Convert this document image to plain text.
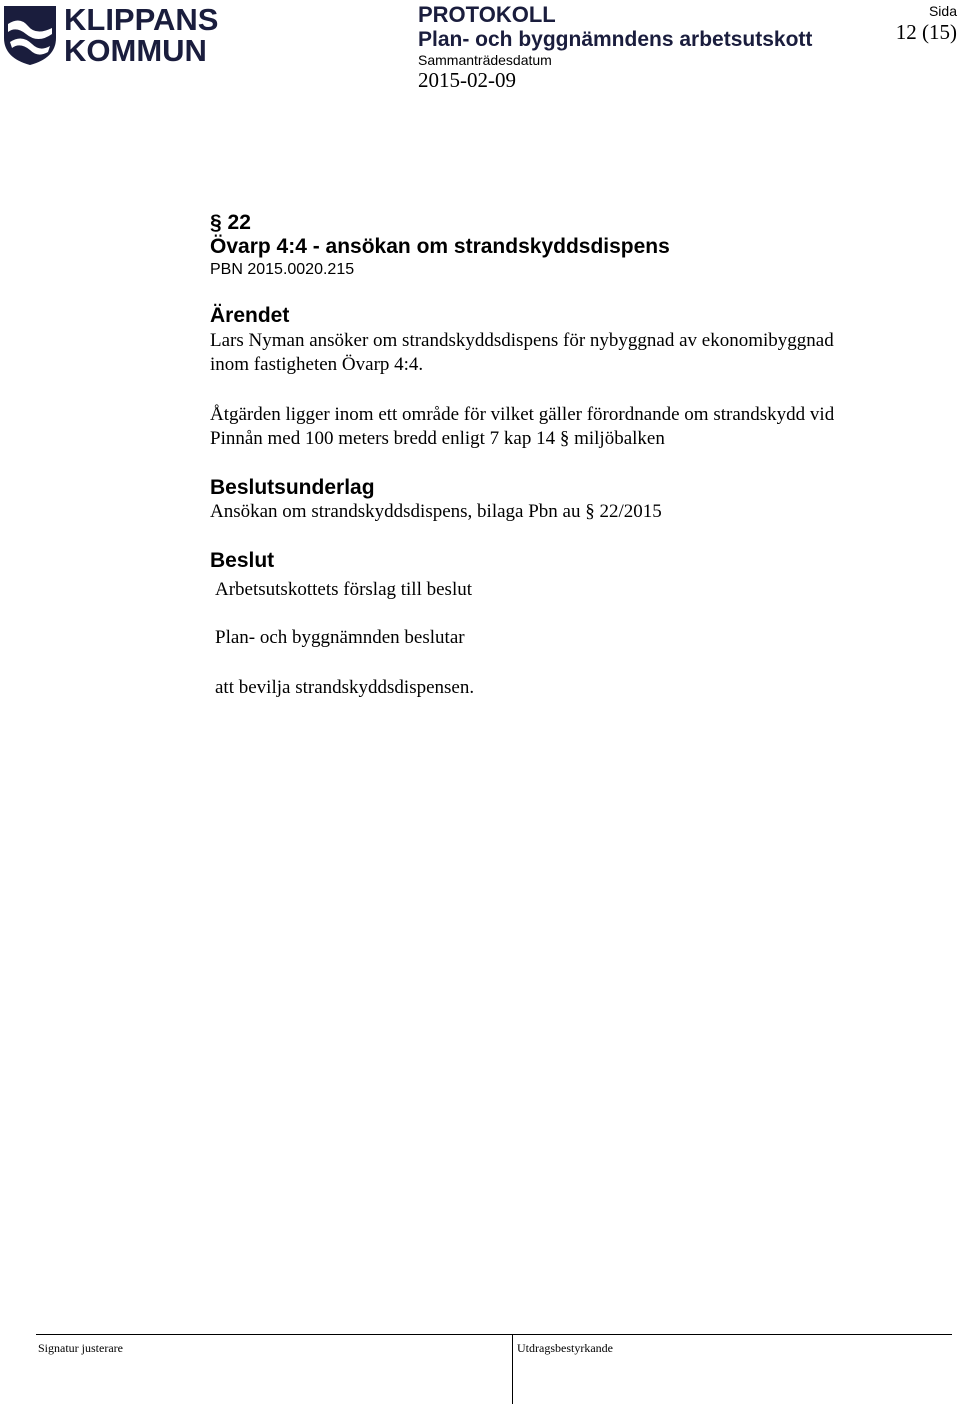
KLIPPANS
KOMMUN
PROTOKOLL
Plan- och byggnämndens arbetsutskott
Sammanträdesdatum
2015-02-09
Sida
12 (15)
§ 22
Övarp 4:4 - ansökan om strandskyddsdispens
PBN 2015.0020.215
Ärendet
Lars Nyman ansöker om strandskyddsdispens för nybyggnad av ekonomibyggnad
inom fastigheten Övarp 4:4.
Åtgärden ligger inom ett område för vilket gäller förordnande om strandskydd vid
Pinnån med 100 meters bredd enligt 7 kap 14 § miljöbalken
Beslutsunderlag
Ansökan om strandskyddsdispens, bilaga Pbn au § 22/2015
Beslut
Arbetsutskottets förslag till beslut
Plan- och byggnämnden beslutar
att bevilja strandskyddsdispensen.
Signatur justerare	Utdragsbestyrkande
